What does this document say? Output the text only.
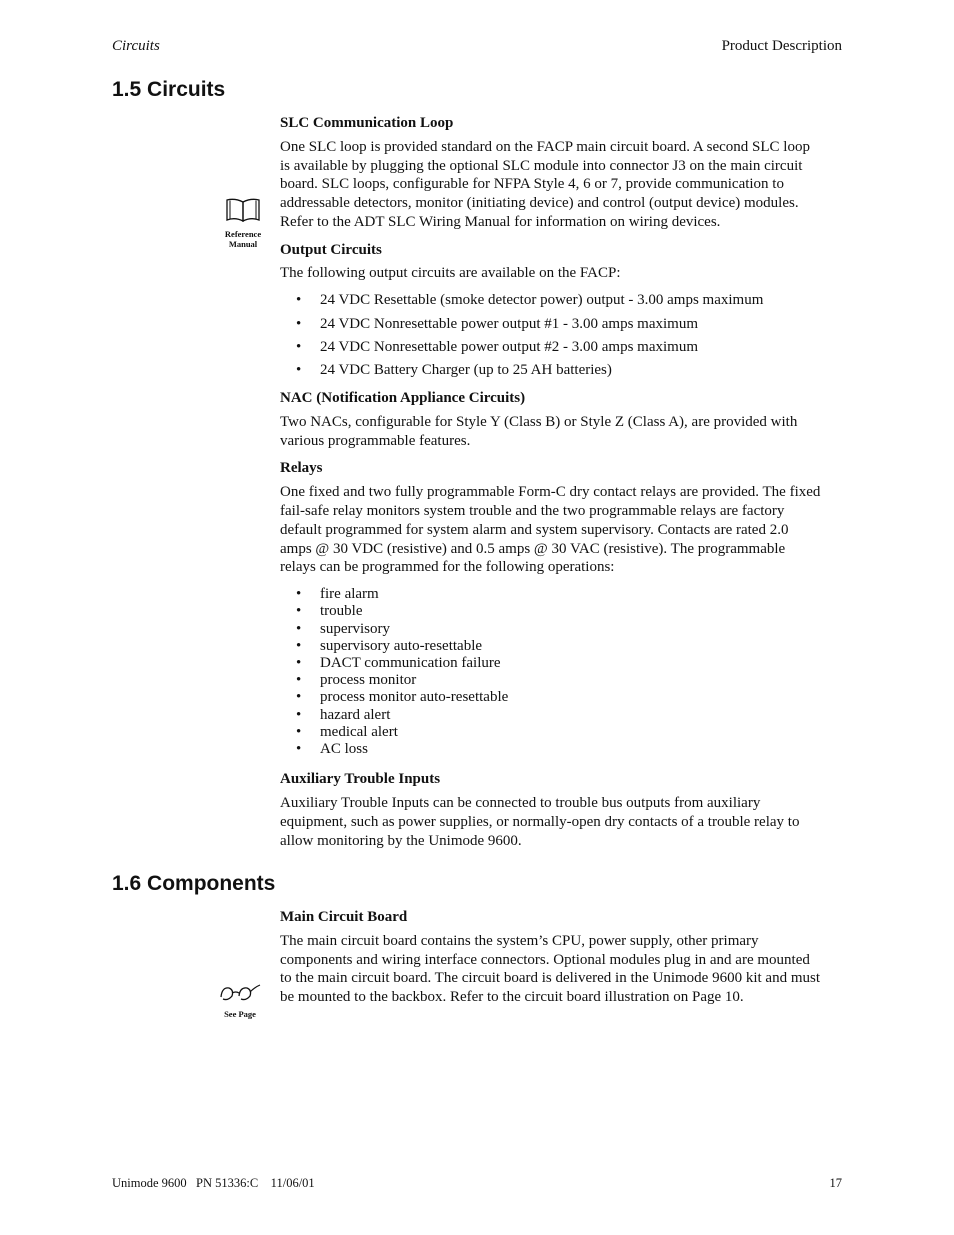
Circuits	Product Description
1.5 Circuits

SLC Communication Loop

One SLC loop is provided standard on the FACP main circuit board. A second SLC loop
is available by plugging the optional SLC module into connector J3 on the main circuit
board. SLC loops, configurable for NFPA Style 4, 6 or 7, provide communication to
addressable detectors, monitor (initiating device) and control (output device) modules.
Refer to the ADT SLC Wiring Manual for information on wiring devices.

Output Circuits

The following output circuits are available on the FACP:

• 24 VDC Resettable (smoke detector power) output - 3.00 amps maximum
• 24 VDC Nonresettable power output #1 - 3.00 amps maximum
• 24 VDC Nonresettable power output #2 - 3.00 amps maximum
• 24 VDC Battery Charger (up to 25 AH batteries)

NAC (Notification Appliance Circuits)

Two NACs, configurable for Style Y (Class B) or Style Z (Class A), are provided with
various programmable features.

Relays

One fixed and two fully programmable Form-C dry contact relays are provided. The fixed
fail-safe relay monitors system trouble and the two programmable relays are factory
default programmed for system alarm and system supervisory. Contacts are rated 2.0
amps @ 30 VDC (resistive) and 0.5 amps @ 30 VAC (resistive). The programmable
relays can be programmed for the following operations:
• fire alarm
• trouble
• supervisory
• supervisory auto-resettable
• DACT communication failure
• process monitor
• process monitor auto-resettable
• hazard alert
• medical alert
• AC loss

Auxiliary Trouble Inputs

Auxiliary Trouble Inputs can be connected to trouble bus outputs from auxiliary
equipment, such as power supplies, or normally-open dry contacts of a trouble relay to
allow monitoring by the Unimode 9600.
Reference
Manual
1.6 Components

Main Circuit Board

The main circuit board contains the system’s CPU, power supply, other primary
components and wiring interface connectors. Optional modules plug in and are mounted
to the main circuit board. The circuit board is delivered in the Unimode 9600 kit and must
be mounted to the backbox. Refer to the circuit board illustration on Page 10.
See Page
Unimode 9600   PN 51336:C    11/06/01	17
